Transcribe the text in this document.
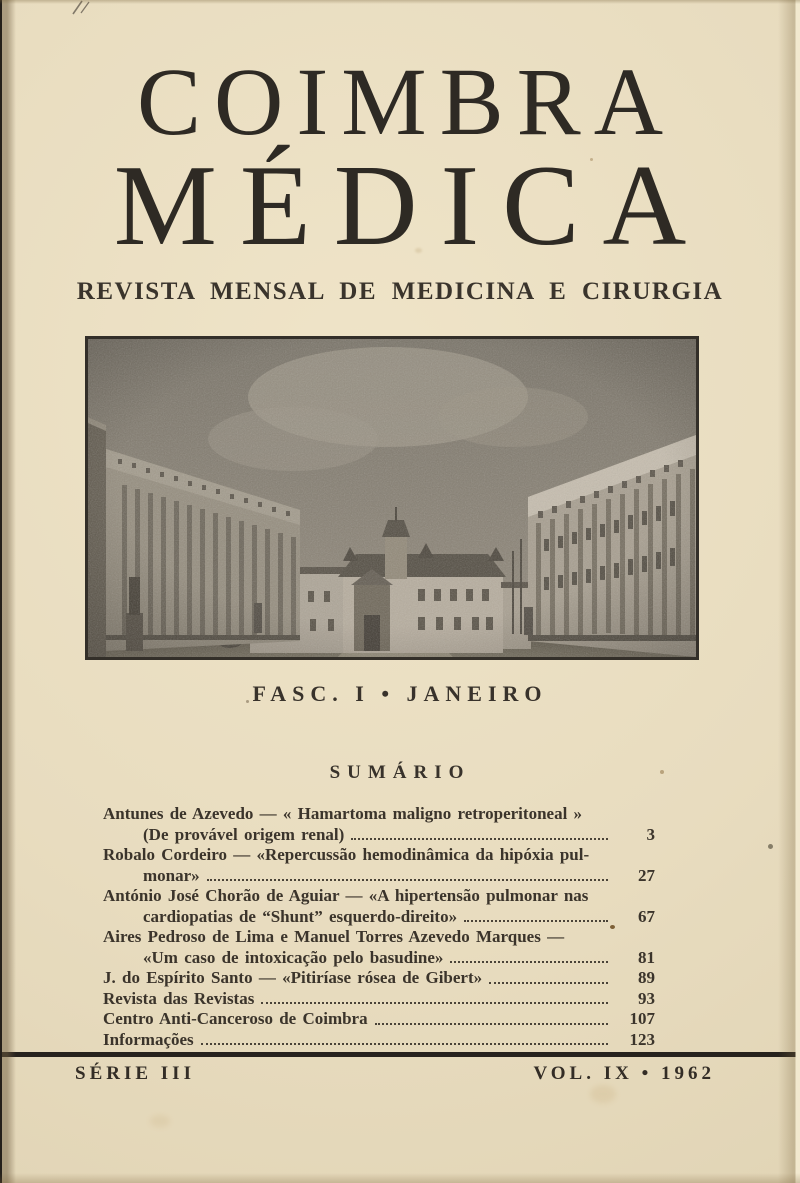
COIMBRA
MÉDICA
REVISTA MENSAL DE MEDICINA E CIRURGIA
FASC. I • JANEIRO
SUMÁRIO
Antunes de Azevedo — « Hamartoma maligno retroperitoneal »
(De provável origem renal)	3
Robalo Cordeiro — «Repercussão hemodinâmica da hipóxia pul-
monar»	27
António José Chorão de Aguiar — «A hipertensão pulmonar nas
cardiopatias de “Shunt” esquerdo-direito»	67
Aires Pedroso de Lima e Manuel Torres Azevedo Marques —
«Um caso de intoxicação pelo basudine»	81
J. do Espírito Santo — «Pitiríase rósea de Gibert»	89
Revista das Revistas	93
Centro Anti-Canceroso de Coimbra	107
Informações	123
SÉRIE III	VOL. IX • 1962
